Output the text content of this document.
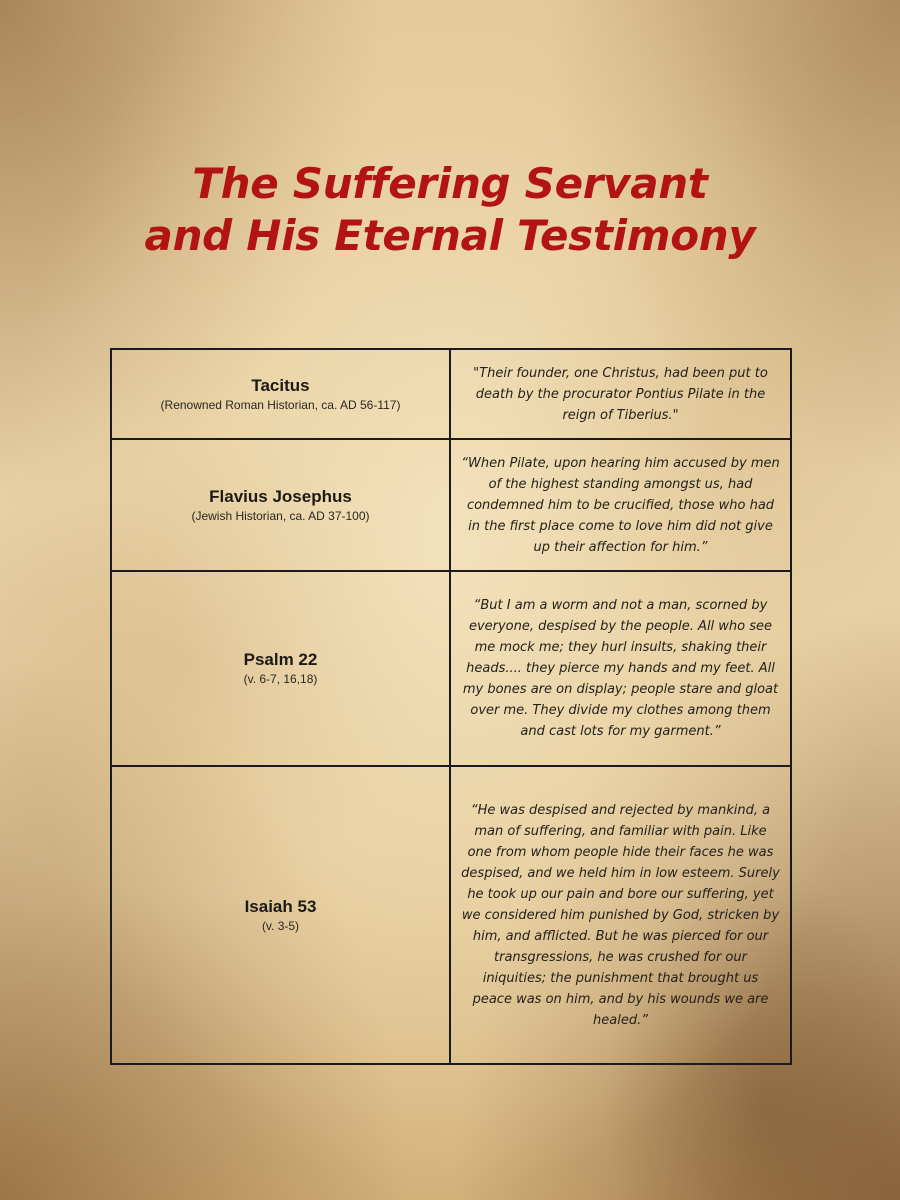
The Suffering Servant
and His Eternal Testimony
Tacitus
(Renowned Roman Historian, ca. AD 56-117)	"Their founder, one Christus, had been put to death by the procurator Pontius Pilate in the reign of Tiberius."

Flavius Josephus
(Jewish Historian, ca. AD 37-100)	“When Pilate, upon hearing him accused by men of the highest standing amongst us, had condemned him to be crucified, those who had in the first place come to love him did not give up their affection for him.”

Psalm 22
(v. 6-7, 16,18)	“But I am a worm and not a man, scorned by everyone, despised by the people. All who see me mock me; they hurl insults, shaking their heads.... they pierce my hands and my feet. All my bones are on display; people stare and gloat over me. They divide my clothes among them and cast lots for my garment.”

Isaiah 53
(v. 3-5)	“He was despised and rejected by mankind, a man of suffering, and familiar with pain. Like one from whom people hide their faces he was despised, and we held him in low esteem. Surely he took up our pain and bore our suffering, yet we considered him punished by God, stricken by him, and afflicted. But he was pierced for our transgressions, he was crushed for our iniquities; the punishment that brought us peace was on him, and by his wounds we are healed.”
